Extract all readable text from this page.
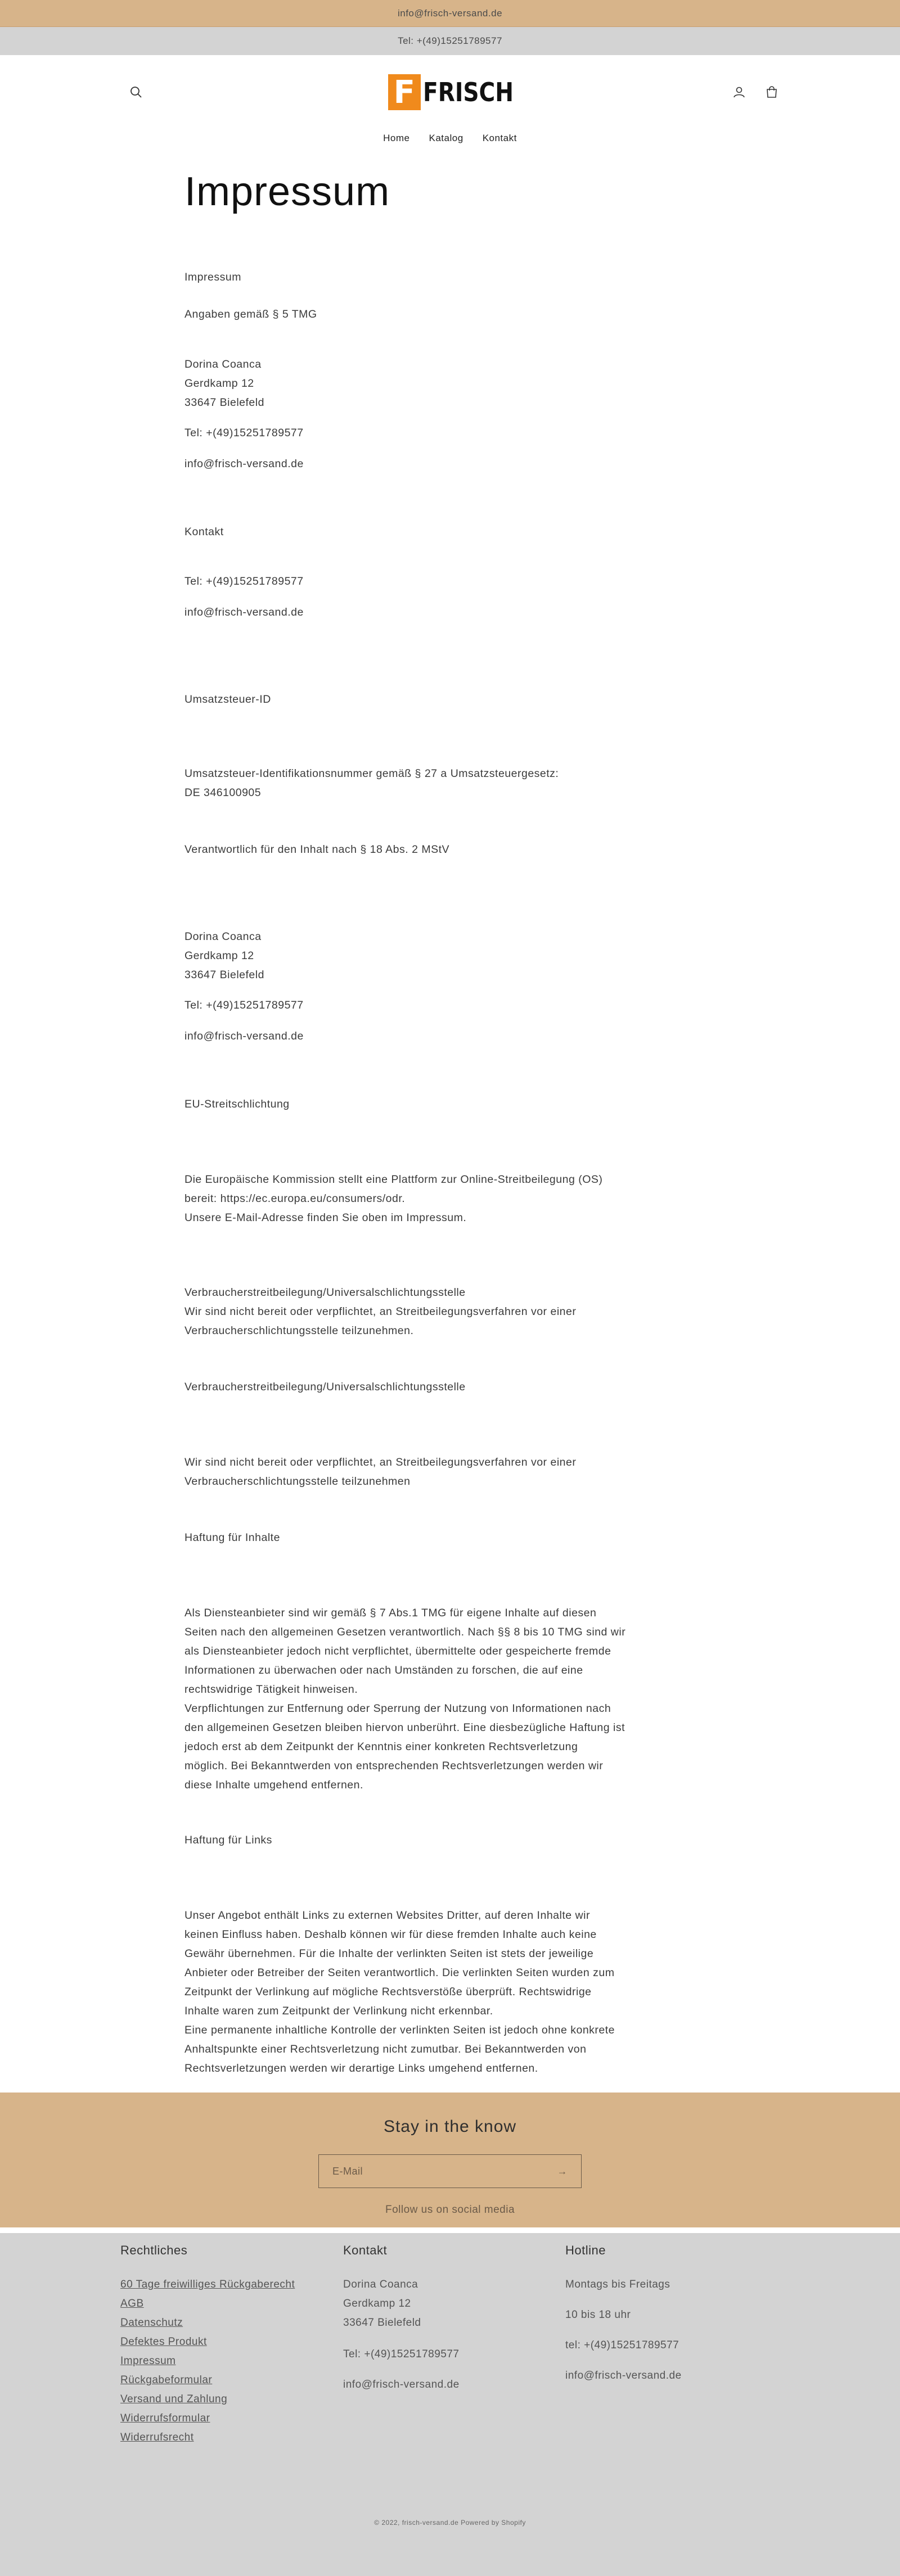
info@frisch-versand.de
Tel: +(49)15251789577
F FRISCH
Home Katalog Kontakt
Impressum
Impressum
Angaben gemäß § 5 TMG
Dorina Coanca
Gerdkamp 12
33647 Bielefeld
Tel: +(49)15251789577
info@frisch-versand.de
Kontakt
Tel: +(49)15251789577
info@frisch-versand.de
Umsatzsteuer-ID
Umsatzsteuer-Identifikationsnummer gemäß § 27 a Umsatzsteuergesetz:
DE 346100905
Verantwortlich für den Inhalt nach § 18 Abs. 2 MStV
Dorina Coanca
Gerdkamp 12
33647 Bielefeld
Tel: +(49)15251789577
info@frisch-versand.de
EU-Streitschlichtung
Die Europäische Kommission stellt eine Plattform zur Online-Streitbeilegung (OS)
bereit: https://ec.europa.eu/consumers/odr.
Unsere E-Mail-Adresse finden Sie oben im Impressum.
Verbraucherstreitbeilegung/Universalschlichtungsstelle
Wir sind nicht bereit oder verpflichtet, an Streitbeilegungsverfahren vor einer
Verbraucherschlichtungsstelle teilzunehmen.
Verbraucherstreitbeilegung/Universalschlichtungsstelle
Wir sind nicht bereit oder verpflichtet, an Streitbeilegungsverfahren vor einer
Verbraucherschlichtungsstelle teilzunehmen
Haftung für Inhalte
Als Diensteanbieter sind wir gemäß § 7 Abs.1 TMG für eigene Inhalte auf diesen
Seiten nach den allgemeinen Gesetzen verantwortlich. Nach §§ 8 bis 10 TMG sind wir
als Diensteanbieter jedoch nicht verpflichtet, übermittelte oder gespeicherte fremde
Informationen zu überwachen oder nach Umständen zu forschen, die auf eine
rechtswidrige Tätigkeit hinweisen.
Verpflichtungen zur Entfernung oder Sperrung der Nutzung von Informationen nach
den allgemeinen Gesetzen bleiben hiervon unberührt. Eine diesbezügliche Haftung ist
jedoch erst ab dem Zeitpunkt der Kenntnis einer konkreten Rechtsverletzung
möglich. Bei Bekanntwerden von entsprechenden Rechtsverletzungen werden wir
diese Inhalte umgehend entfernen.
Haftung für Links
Unser Angebot enthält Links zu externen Websites Dritter, auf deren Inhalte wir
keinen Einfluss haben. Deshalb können wir für diese fremden Inhalte auch keine
Gewähr übernehmen. Für die Inhalte der verlinkten Seiten ist stets der jeweilige
Anbieter oder Betreiber der Seiten verantwortlich. Die verlinkten Seiten wurden zum
Zeitpunkt der Verlinkung auf mögliche Rechtsverstöße überprüft. Rechtswidrige
Inhalte waren zum Zeitpunkt der Verlinkung nicht erkennbar.
Eine permanente inhaltliche Kontrolle der verlinkten Seiten ist jedoch ohne konkrete
Anhaltspunkte einer Rechtsverletzung nicht zumutbar. Bei Bekanntwerden von
Rechtsverletzungen werden wir derartige Links umgehend entfernen.
Stay in the know
E-Mail	→
Follow us on social media
Rechtliches
60 Tage freiwilliges Rückgaberecht
AGB
Datenschutz
Defektes Produkt
Impressum
Rückgabeformular
Versand und Zahlung
Widerrufsformular
Widerrufsrecht
Kontakt
Dorina Coanca
Gerdkamp 12
33647 Bielefeld
Tel: +(49)15251789577
info@frisch-versand.de
Hotline
Montags bis Freitags
10 bis 18 uhr
tel: +(49)15251789577
info@frisch-versand.de
© 2022, frisch-versand.de Powered by Shopify
